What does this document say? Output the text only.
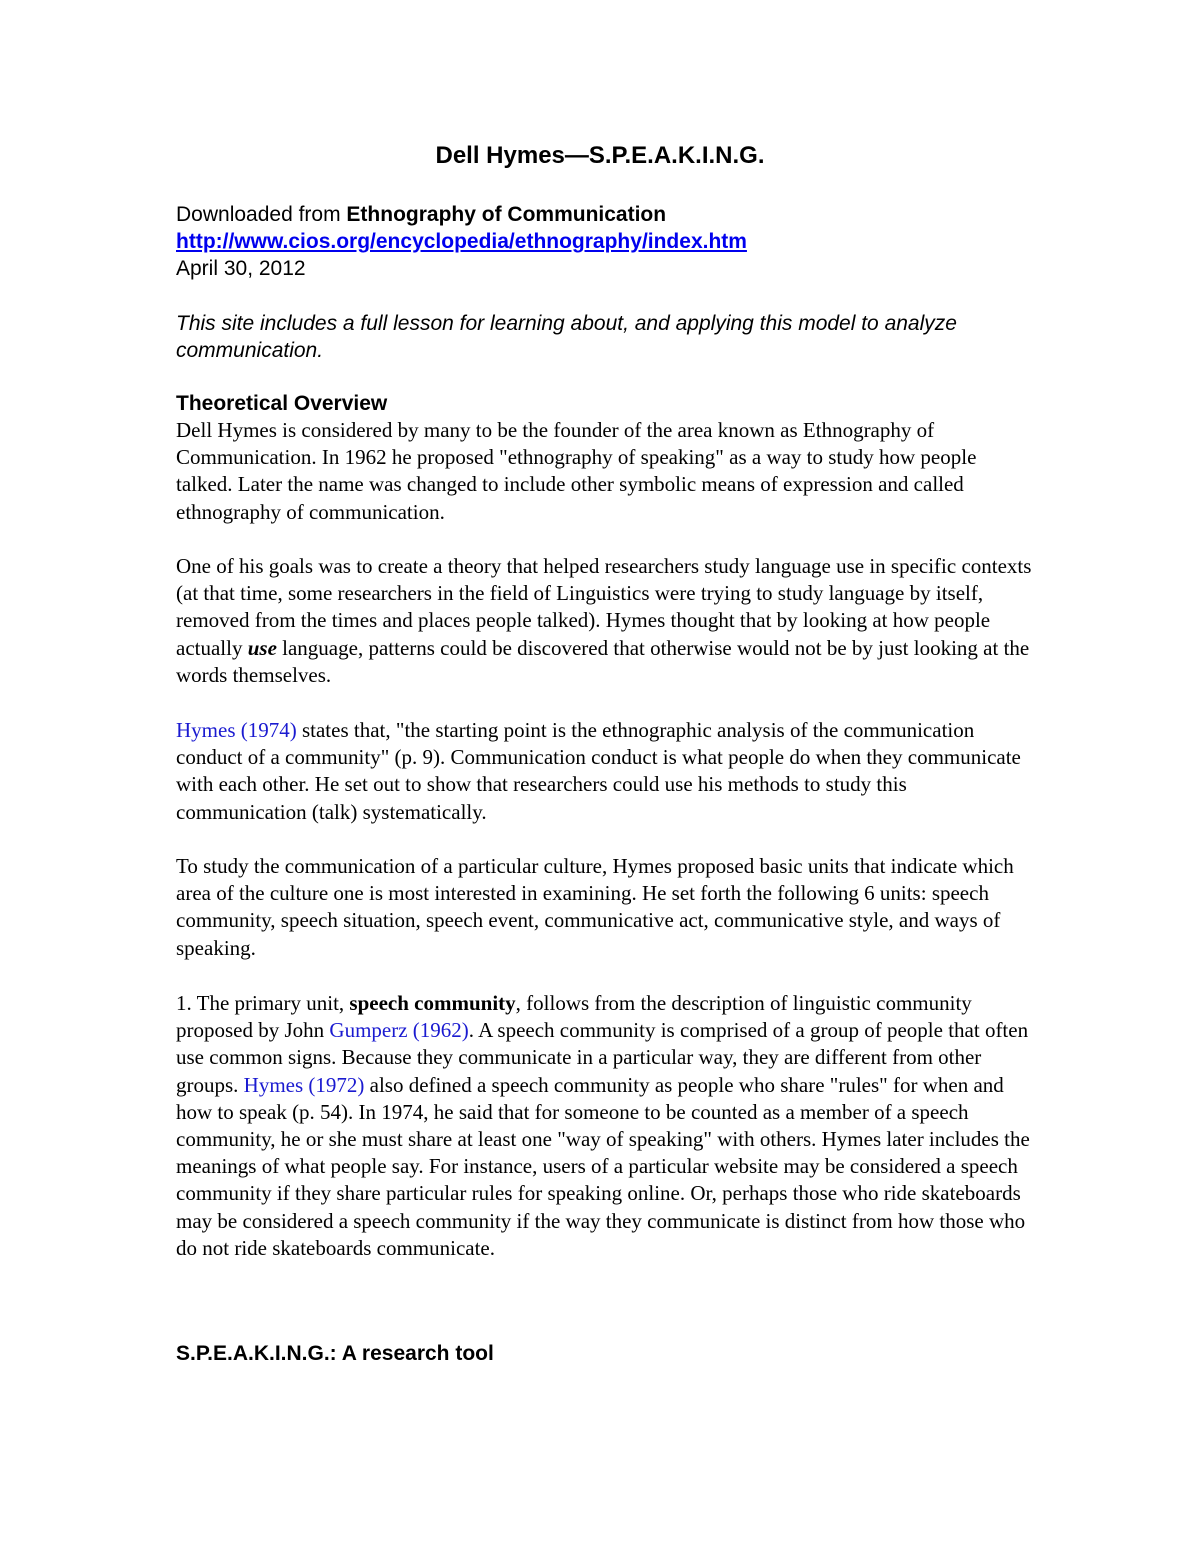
Dell Hymes—S.P.E.A.K.I.N.G.
Downloaded from Ethnography of Communication
http://www.cios.org/encyclopedia/ethnography/index.htm
April 30, 2012
This site includes a full lesson for learning about, and applying this model to analyze communication.
Theoretical Overview

Dell Hymes is considered by many to be the founder of the area known as Ethnography of Communication. In 1962 he proposed "ethnography of speaking" as a way to study how people talked. Later the name was changed to include other symbolic means of expression and called ethnography of communication.

One of his goals was to create a theory that helped researchers study language use in specific contexts (at that time, some researchers in the field of Linguistics were trying to study language by itself, removed from the times and places people talked). Hymes thought that by looking at how people actually use language, patterns could be discovered that otherwise would not be by just looking at the words themselves.

Hymes (1974) states that, "the starting point is the ethnographic analysis of the communication conduct of a community" (p. 9). Communication conduct is what people do when they communicate with each other. He set out to show that researchers could use his methods to study this communication (talk) systematically.

To study the communication of a particular culture, Hymes proposed basic units that indicate which area of the culture one is most interested in examining. He set forth the following 6 units: speech community, speech situation, speech event, communicative act, communicative style, and ways of speaking.

1. The primary unit, speech community, follows from the description of linguistic community proposed by John Gumperz (1962). A speech community is comprised of a group of people that often use common signs. Because they communicate in a particular way, they are different from other groups. Hymes (1972) also defined a speech community as people who share "rules" for when and how to speak (p. 54). In 1974, he said that for someone to be counted as a member of a speech community, he or she must share at least one "way of speaking" with others. Hymes later includes the meanings of what people say. For instance, users of a particular website may be considered a speech community if they share particular rules for speaking online. Or, perhaps those who ride skateboards may be considered a speech community if the way they communicate is distinct from how those who do not ride skateboards communicate.

S.P.E.A.K.I.N.G.: A research tool
